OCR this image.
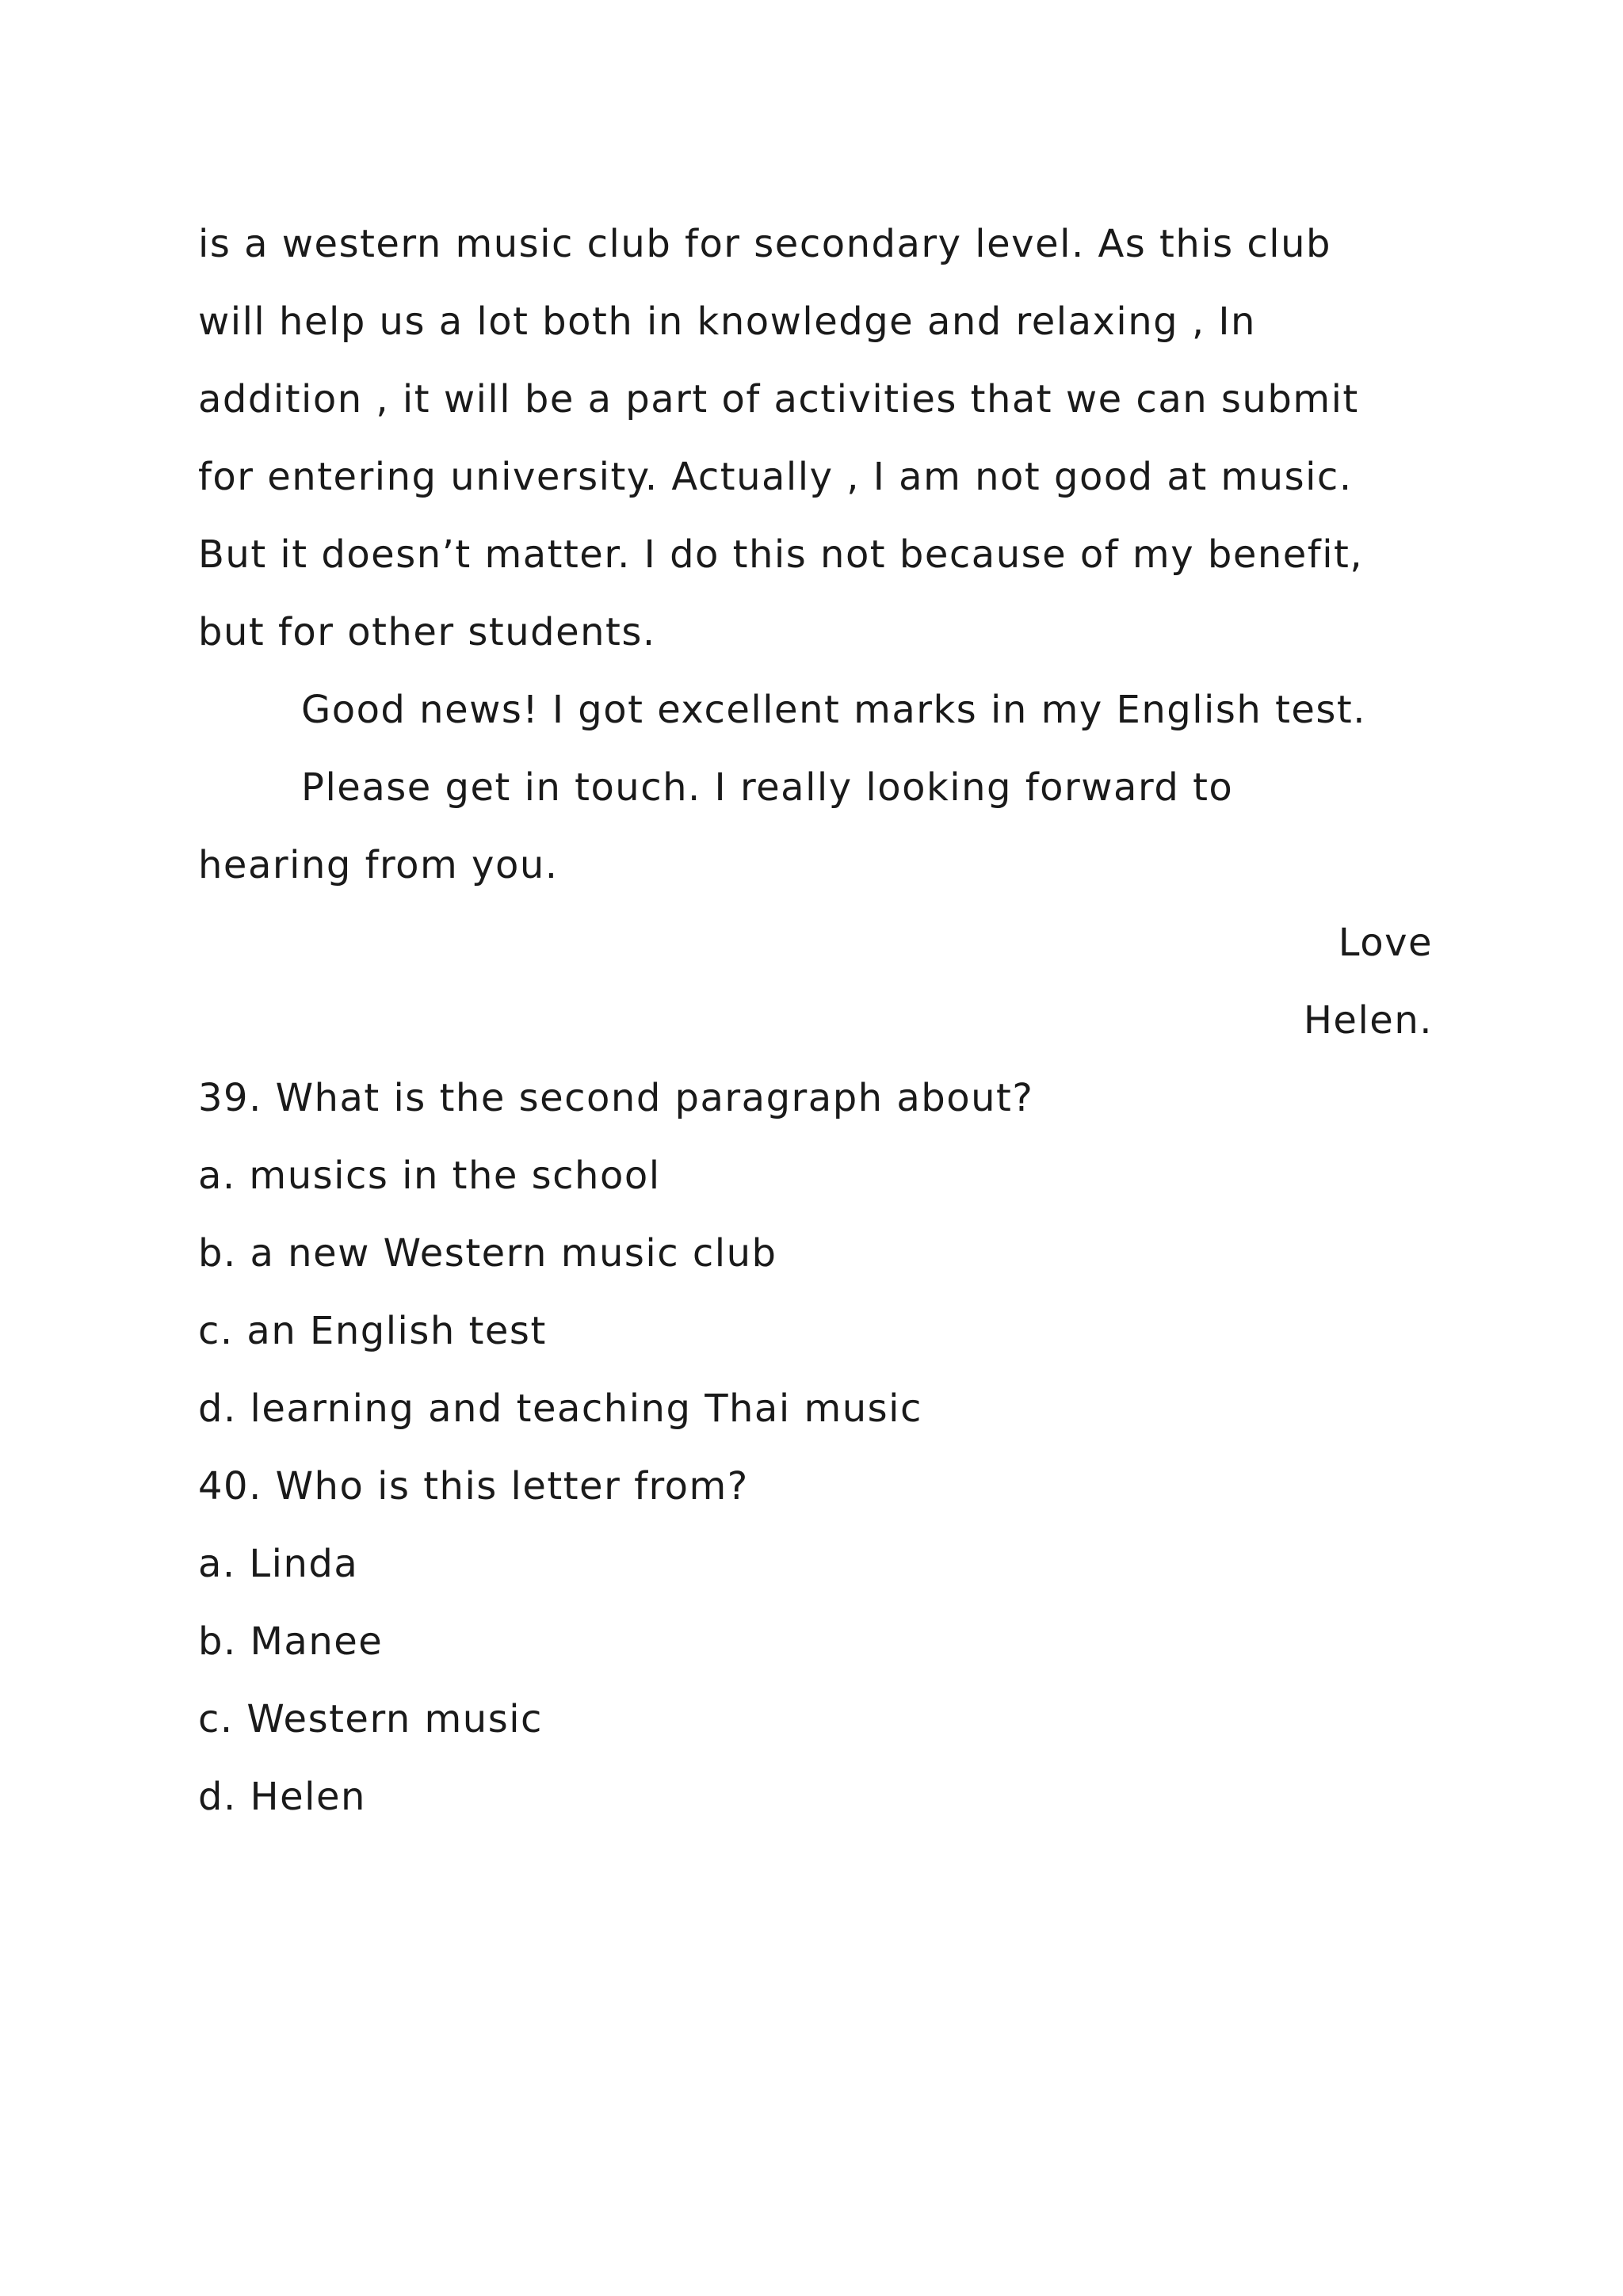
is a western music club for secondary level. As this club
will help us a lot both in knowledge and relaxing , In
addition , it will be a part of activities that we can submit
for entering university. Actually , I am not good at music.
But it doesn’t matter. I do this not because of my benefit,
but for other students.
Good news! I got excellent marks in my English test.
Please get in touch. I really looking forward to
hearing from you.
Love
Helen.
39. What is the second paragraph about?
a. musics in the school
b. a new Western music club
c. an English test
d. learning and teaching Thai music
40. Who is this letter from?
a. Linda
b. Manee
c. Western music
d. Helen
